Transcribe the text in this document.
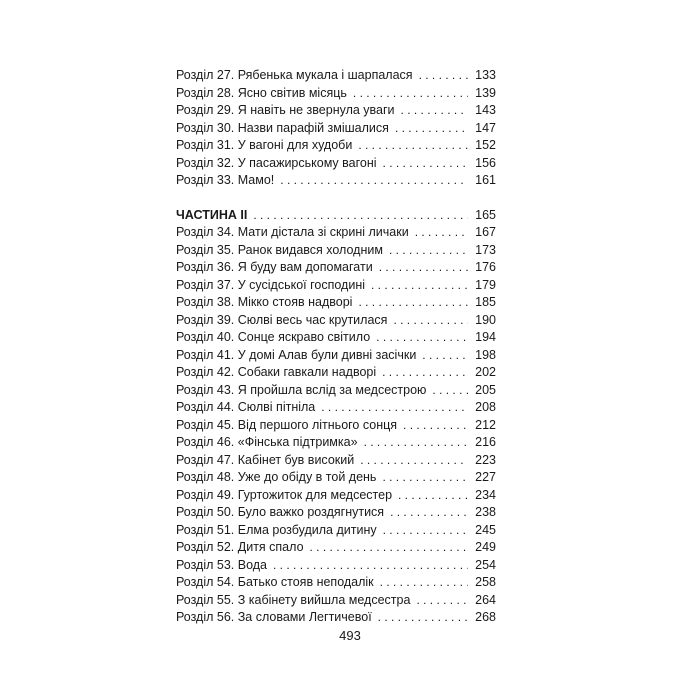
Розділ 27. Рябенька мукала і шарпалася . . .	133
Розділ 28. Ясно світив місяць . . .	139
Розділ 29. Я навіть не звернула уваги . . .	143
Розділ 30. Назви парафій змішалися . . .	147
Розділ 31. У вагоні для худоби . . .	152
Розділ 32. У пасажирському вагоні . . .	156
Розділ 33. Мамо! . . .	161
ЧАСТИНА II . . .	165
Розділ 34. Мати дістала зі скрині личаки . . .	167
Розділ 35. Ранок видався холодним . . .	173
Розділ 36. Я буду вам допомагати . . .	176
Розділ 37. У сусідської господині . . .	179
Розділ 38. Мікко стояв надворі . . .	185
Розділ 39. Сюлві весь час крутилася . . .	190
Розділ 40. Сонце яскраво світило . . .	194
Розділ 41. У домі Алав були дивні засічки . . .	198
Розділ 42. Собаки гавкали надворі . . .	202
Розділ 43. Я пройшла вслід за медсестрою . . .	205
Розділ 44. Сюлві пітніла . . .	208
Розділ 45. Від першого літнього сонця . . .	212
Розділ 46. «Фінська підтримка» . . .	216
Розділ 47. Кабінет був високий . . .	223
Розділ 48. Уже до обіду в той день . . .	227
Розділ 49. Гуртожиток для медсестер . . .	234
Розділ 50. Було важко роздягнутися . . .	238
Розділ 51. Елма розбудила дитину . . .	245
Розділ 52. Дитя спало . . .	249
Розділ 53. Вода . . .	254
Розділ 54. Батько стояв неподалік . . .	258
Розділ 55. З кабінету вийшла медсестра . . .	264
Розділ 56. За словами Легтичевої . . .	268
493
